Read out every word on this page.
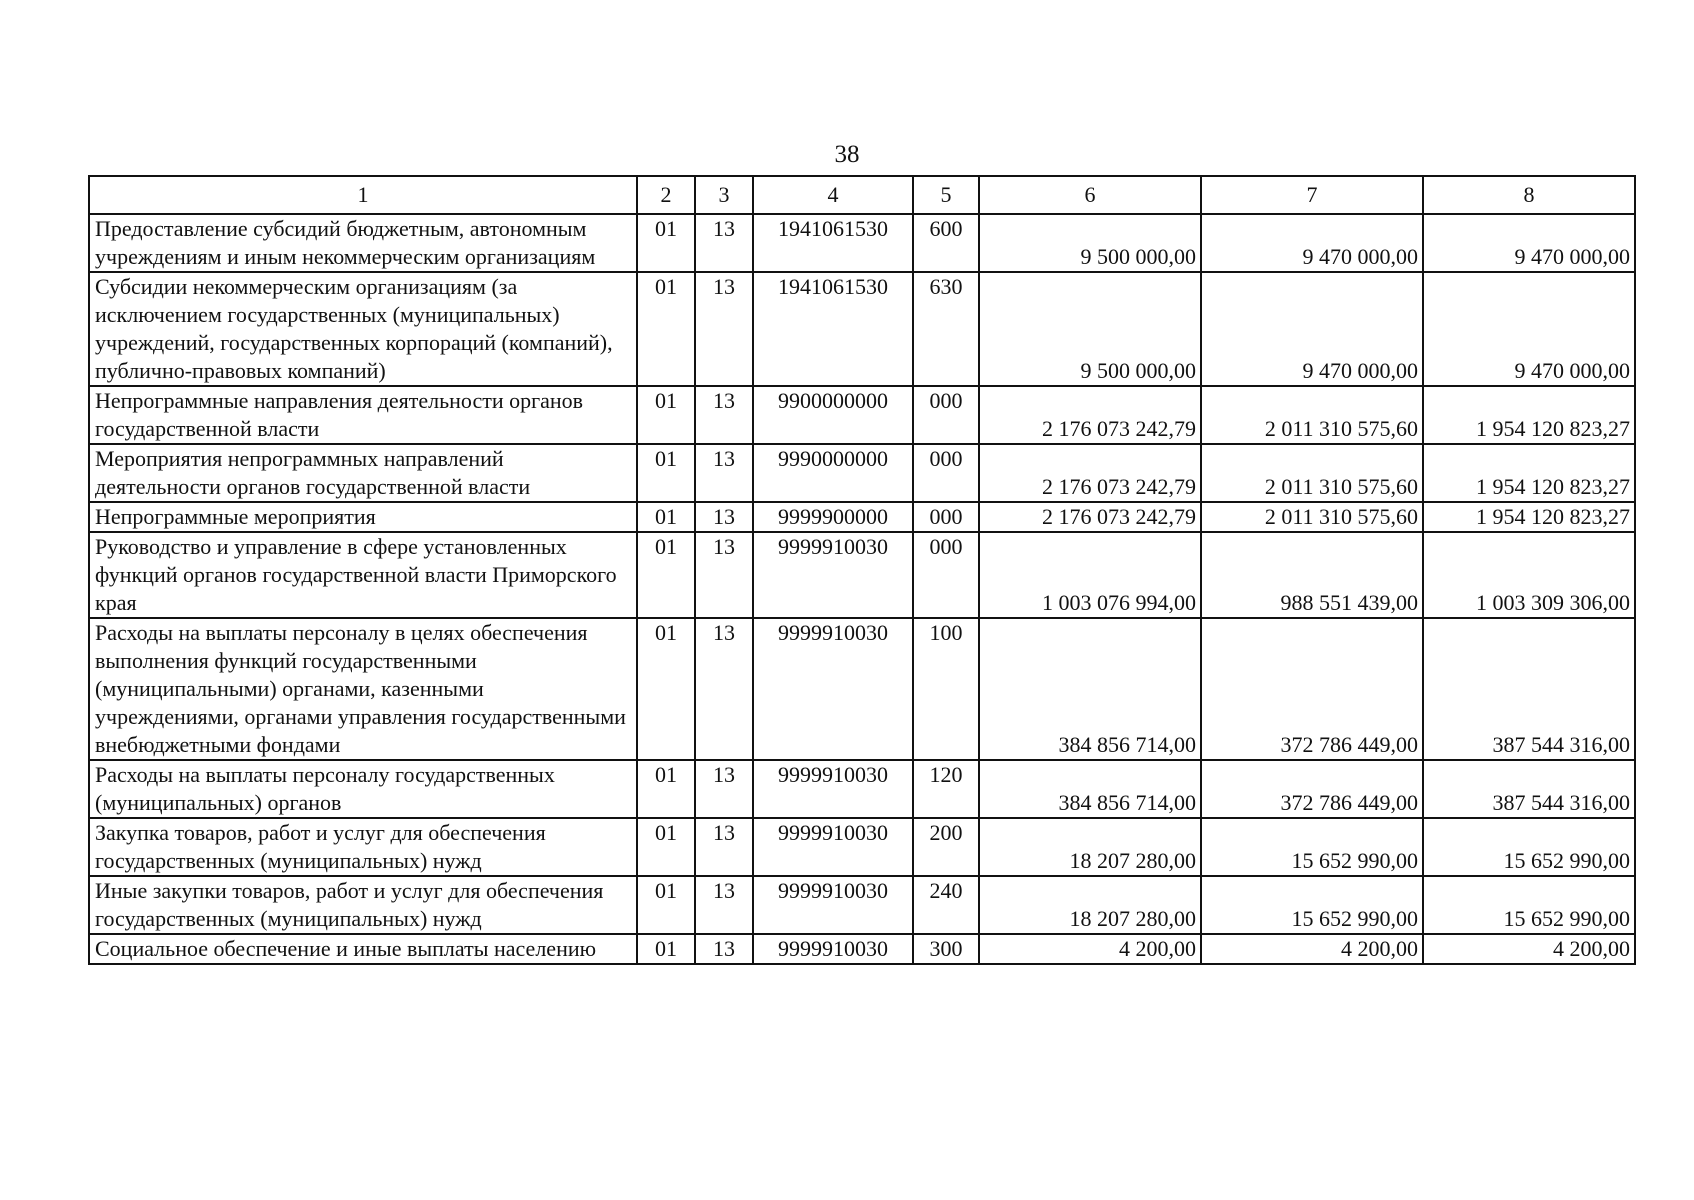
38
1	2	3	4	5	6	7	8
Предоставление субсидий бюджетным, автономным учреждениям и иным некоммерческим организациям	01	13	1941061530	600	9 500 000,00	9 470 000,00	9 470 000,00
Субсидии некоммерческим организациям (за исключением государственных (муниципальных) учреждений, государственных корпораций (компаний), публично-правовых компаний)	01	13	1941061530	630	9 500 000,00	9 470 000,00	9 470 000,00
Непрограммные направления деятельности органов государственной власти	01	13	9900000000	000	2 176 073 242,79	2 011 310 575,60	1 954 120 823,27
Мероприятия непрограммных направлений деятельности органов государственной власти	01	13	9990000000	000	2 176 073 242,79	2 011 310 575,60	1 954 120 823,27
Непрограммные мероприятия	01	13	9999900000	000	2 176 073 242,79	2 011 310 575,60	1 954 120 823,27
Руководство и управление в сфере установленных функций органов государственной власти Приморского края	01	13	9999910030	000	1 003 076 994,00	988 551 439,00	1 003 309 306,00
Расходы на выплаты персоналу в целях обеспечения выполнения функций государственными (муниципальными) органами, казенными учреждениями, органами управления государственными внебюджетными фондами	01	13	9999910030	100	384 856 714,00	372 786 449,00	387 544 316,00
Расходы на выплаты персоналу государственных (муниципальных) органов	01	13	9999910030	120	384 856 714,00	372 786 449,00	387 544 316,00
Закупка товаров, работ и услуг для обеспечения государственных (муниципальных) нужд	01	13	9999910030	200	18 207 280,00	15 652 990,00	15 652 990,00
Иные закупки товаров, работ и услуг для обеспечения государственных (муниципальных) нужд	01	13	9999910030	240	18 207 280,00	15 652 990,00	15 652 990,00
Социальное обеспечение и иные выплаты населению	01	13	9999910030	300	4 200,00	4 200,00	4 200,00
